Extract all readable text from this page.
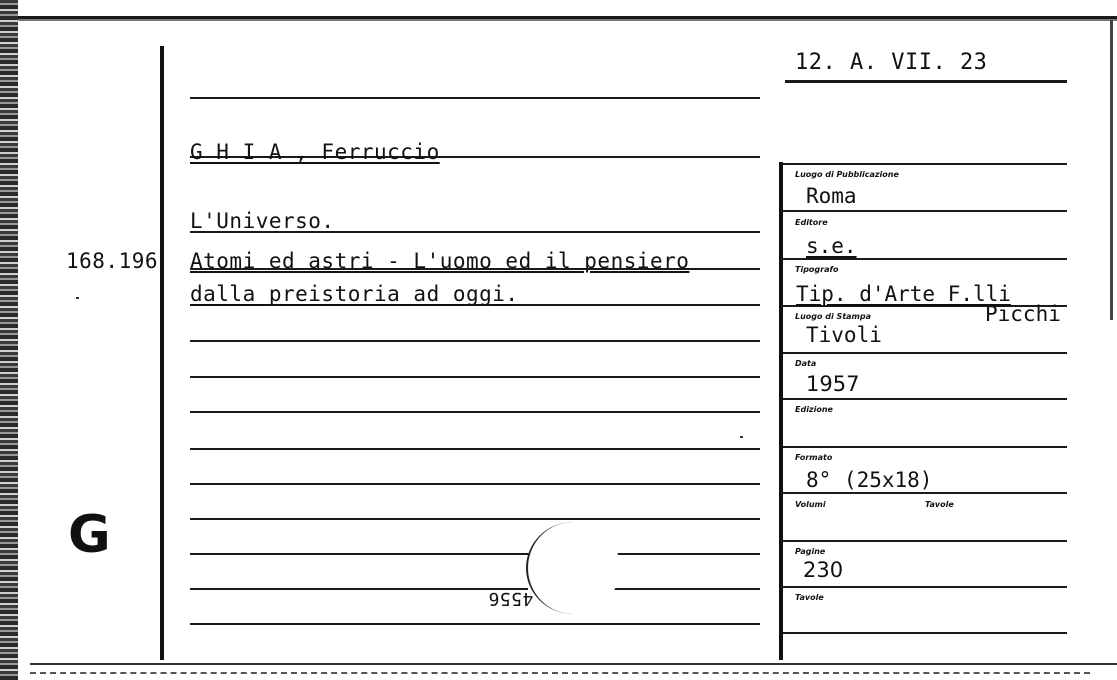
12. A. VII. 23
168.196
G
G H I A , Ferruccio
L'Universo.
Atomi ed astri - L'uomo ed il pensiero
dalla preistoria ad oggi.
4556
Luogo di Pubblicazione
Editore
Tipografo
Luogo di Stampa
Data
Edizione
Formato
Volumi	Tavole
Pagine
Tavole
Roma
s.e.
Tip. d'Arte F.lli
Picchi
Tivoli
1957
8° (25x18)
230
